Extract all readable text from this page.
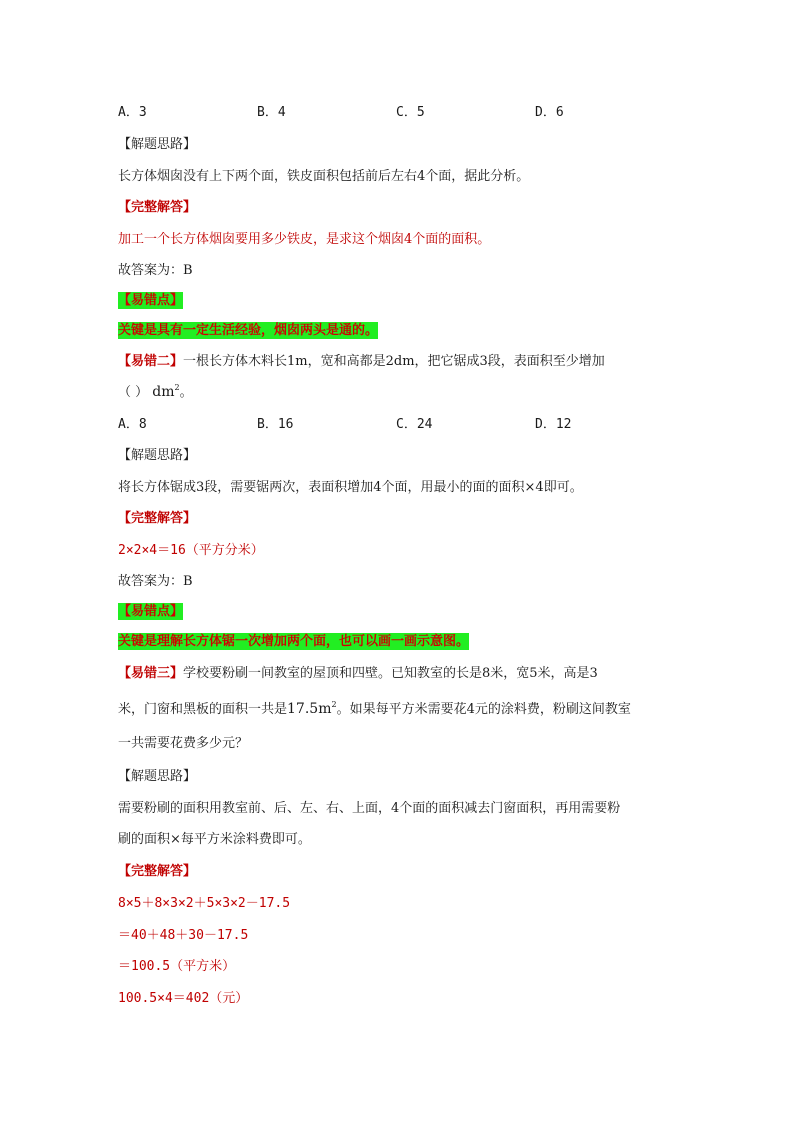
A．3	B．4	C．5	D．6
【解题思路】
长方体烟囱没有上下两个面，铁皮面积包括前后左右4个面，据此分析。
【完整解答】
加工一个长方体烟囱要用多少铁皮，是求这个烟囱4个面的面积。
故答案为：B
【易错点】
关键是具有一定生活经验，烟囱两头是通的。
【易错二】一根长方体木料长1m，宽和高都是2dm，把它锯成3段，表面积至少增加
（ ） $dm^2$。
A．8	B．16	C．24	D．12
【解题思路】
将长方体锯成3段，需要锯两次，表面积增加4个面，用最小的面的面积×4即可。
【完整解答】
2×2×4＝16（平方分米）
故答案为：B
【易错点】
关键是理解长方体锯一次增加两个面，也可以画一画示意图。
【易错三】学校要粉刷一间教室的屋顶和四壁。已知教室的长是8米，宽5米，高是3
米，门窗和黑板的面积一共是$17.5m^2$。如果每平方米需要花4元的涂料费，粉刷这间教室
一共需要花费多少元？
【解题思路】
需要粉刷的面积用教室前、后、左、右、上面，4个面的面积减去门窗面积，再用需要粉
刷的面积×每平方米涂料费即可。
【完整解答】
8×5＋8×3×2＋5×3×2－17.5
＝40＋48＋30－17.5
＝100.5（平方米）
100.5×4＝402（元）
